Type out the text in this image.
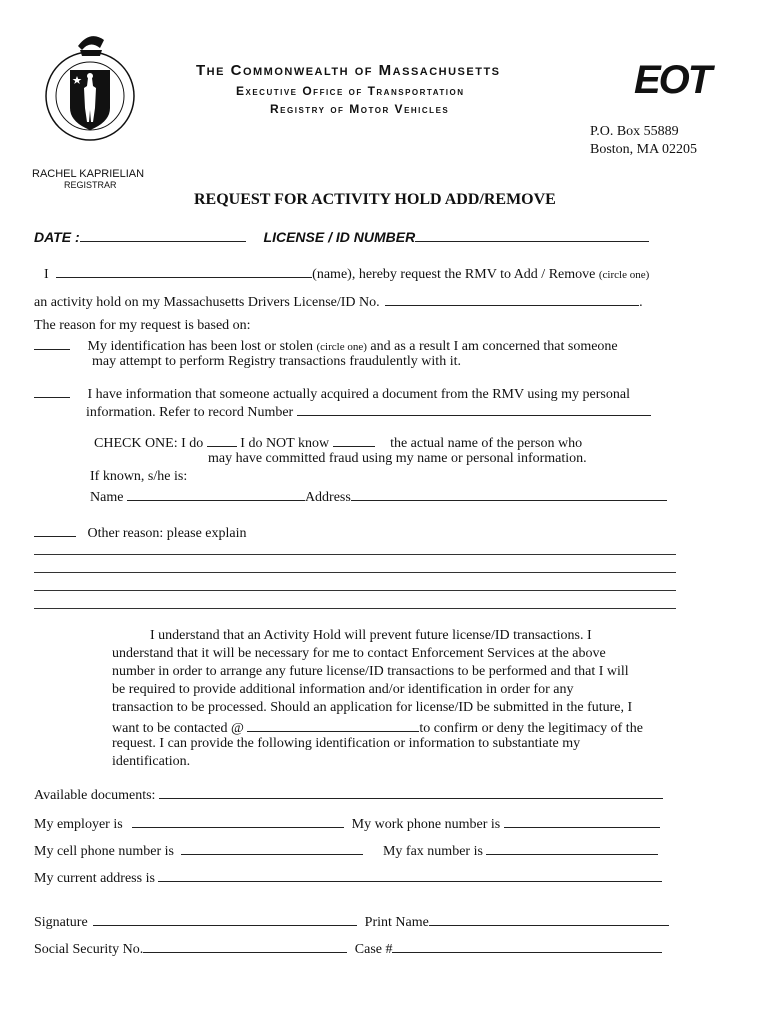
The Commonwealth of Massachusetts
Executive Office of Transportation
Registry of Motor Vehicles
EOT
P.O. Box 55889
Boston, MA 02205
RACHEL KAPRIELIAN
REGISTRAR
REQUEST FOR ACTIVITY HOLD ADD/REMOVE
DATE :	LICENSE / ID NUMBER
I	(name), hereby request the RMV to Add / Remove (circle one)
an activity hold on my Massachusetts Drivers License/ID No.	.
The reason for my request is based on:
My identification has been lost or stolen (circle one) and as a result I am concerned that someone
may attempt to perform Registry transactions fraudulently with it.
I have information that someone actually acquired a document from the RMV using my personal
information. Refer to record Number
CHECK ONE: I do	I do NOT know	the actual name of the person who
may have committed fraud using my name or personal information.
If known, s/he is:
Name	Address
Other reason: please explain
I understand that an Activity Hold will prevent future license/ID transactions. I
understand that it will be necessary for me to contact Enforcement Services at the above
number in order to arrange any future license/ID transactions to be performed and that I will
be required to provide additional information and/or identification in order for any
transaction to be processed. Should an application for license/ID be submitted in the future, I
want to be contacted @	to confirm or deny the legitimacy of the
request. I can provide the following identification or information to substantiate my
identification.
Available documents:
My employer is	My work phone number is
My cell phone number is	My fax number is
My current address is
Signature	Print Name
Social Security No.	Case #
